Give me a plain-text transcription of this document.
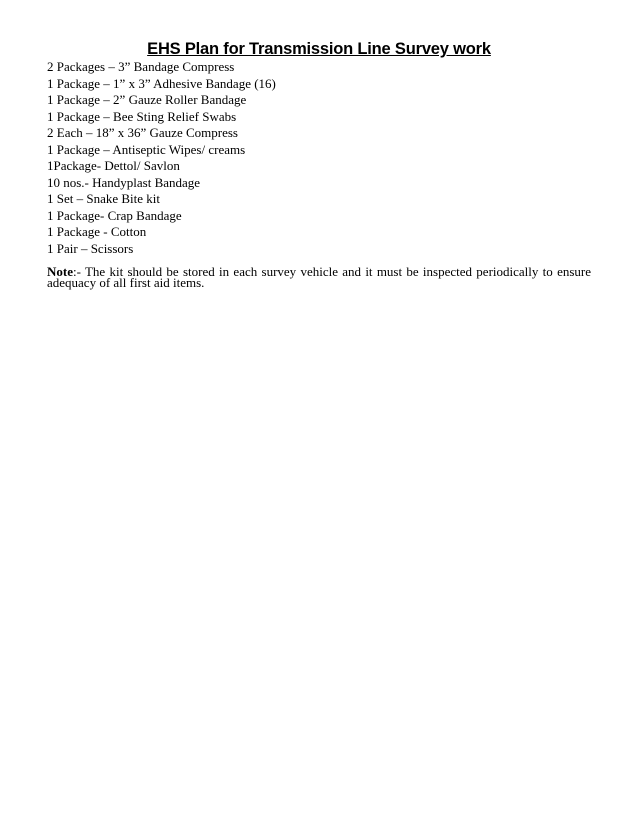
EHS Plan for Transmission Line Survey work
2 Packages – 3” Bandage Compress
1 Package – 1” x 3” Adhesive Bandage (16)
1 Package – 2” Gauze Roller Bandage
1 Package – Bee Sting Relief Swabs
2 Each – 18” x 36” Gauze Compress
1 Package – Antiseptic Wipes/ creams
1Package- Dettol/ Savlon
10 nos.- Handyplast Bandage
1 Set – Snake Bite kit
1 Package- Crap Bandage
1 Package - Cotton
1 Pair – Scissors

Note:- The kit should be stored in each survey vehicle and it must be inspected periodically to ensure adequacy of all first aid items.
